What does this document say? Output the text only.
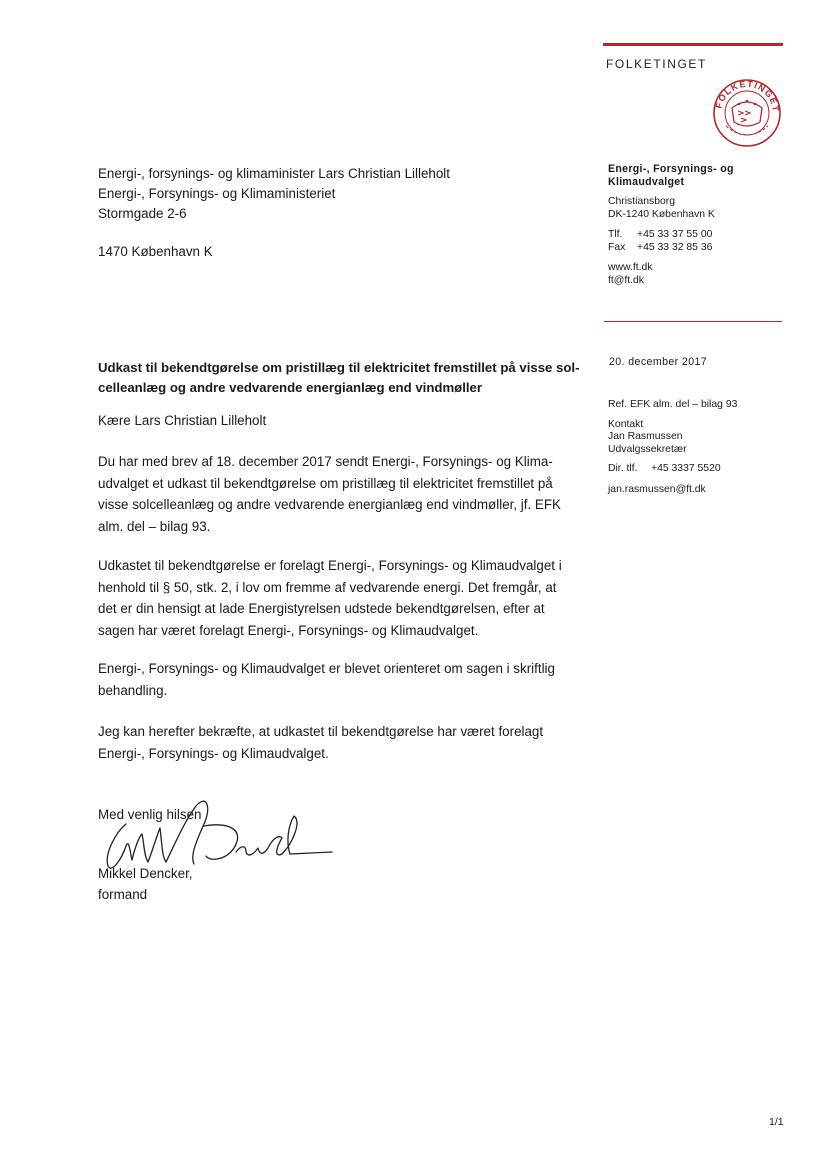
FOLKETINGET
FOLKETINGET
Energi-, forsynings- og klimaminister Lars Christian Lilleholt
Energi-, Forsynings- og Klimaministeriet
Stormgade 2-6
1470 København K
Energi-, Forsynings- og Klimaudvalget
Christiansborg
DK-1240 København K
Tlf. +45 33 37 55 00
Fax +45 33 32 85 36
www.ft.dk
ft@ft.dk
20. december 2017
Udkast til bekendtgørelse om pristillæg til elektricitet fremstillet på visse sol-
celleanlæg og andre vedvarende energianlæg end vindmøller
Ref. EFK alm. del – bilag 93
Kontakt
Jan Rasmussen
Udvalgssekretær
Dir. tlf. +45 3337 5520
jan.rasmussen@ft.dk
Kære Lars Christian Lilleholt
Du har med brev af 18. december 2017 sendt Energi-, Forsynings- og Klima-
udvalget et udkast til bekendtgørelse om pristillæg til elektricitet fremstillet på
visse solcelleanlæg og andre vedvarende energianlæg end vindmøller, jf. EFK
alm. del – bilag 93.
Udkastet til bekendtgørelse er forelagt Energi-, Forsynings- og Klimaudvalget i
henhold til § 50, stk. 2, i lov om fremme af vedvarende energi. Det fremgår, at
det er din hensigt at lade Energistyrelsen udstede bekendtgørelsen, efter at
sagen har været forelagt Energi-, Forsynings- og Klimaudvalget.
Energi-, Forsynings- og Klimaudvalget er blevet orienteret om sagen i skriftlig
behandling.
Jeg kan herefter bekræfte, at udkastet til bekendtgørelse har været forelagt
Energi-, Forsynings- og Klimaudvalget.
Med venlig hilsen
Mikkel Dencker,
formand
1/1
